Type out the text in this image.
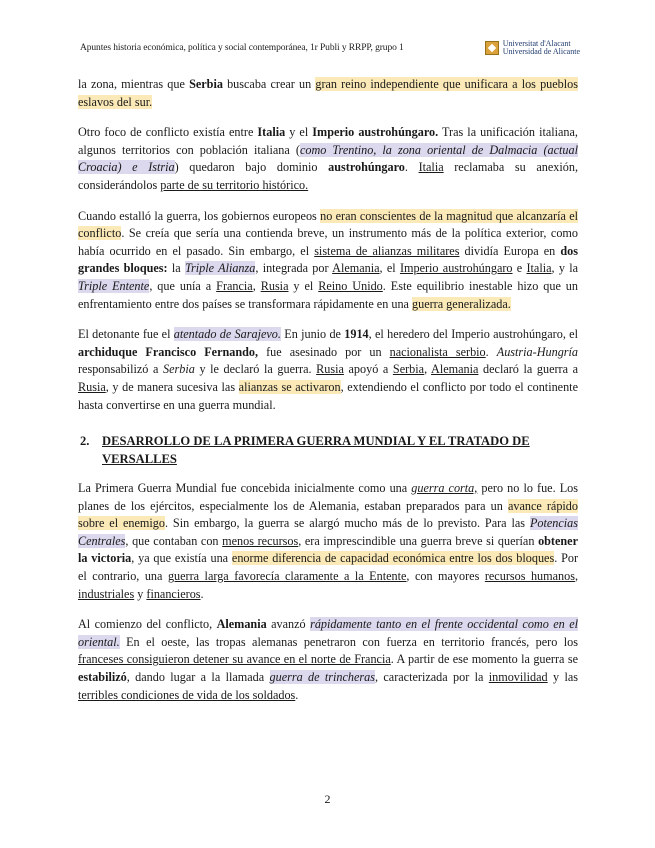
Apuntes historia económica, política y social contemporánea, 1r Publi y RRPP, grupo 1	Universitat d'Alacant
Universidad de Alicante

la zona, mientras que Serbia buscaba crear un gran reino independiente que unificara a los pueblos eslavos del sur.

Otro foco de conflicto existía entre Italia y el Imperio austrohúngaro. Tras la unificación italiana, algunos territorios con población italiana (como Trentino, la zona oriental de Dalmacia (actual Croacia) e Istria) quedaron bajo dominio austrohúngaro. Italia reclamaba su anexión, considerándolos parte de su territorio histórico.

Cuando estalló la guerra, los gobiernos europeos no eran conscientes de la magnitud que alcanzaría el conflicto. Se creía que sería una contienda breve, un instrumento más de la política exterior, como había ocurrido en el pasado. Sin embargo, el sistema de alianzas militares dividía Europa en dos grandes bloques: la Triple Alianza, integrada por Alemania, el Imperio austrohúngaro e Italia, y la Triple Entente, que unía a Francia, Rusia y el Reino Unido. Este equilibrio inestable hizo que un enfrentamiento entre dos países se transformara rápidamente en una guerra generalizada.

El detonante fue el atentado de Sarajevo. En junio de 1914, el heredero del Imperio austrohúngaro, el archiduque Francisco Fernando, fue asesinado por un nacionalista serbio. Austria-Hungría responsabilizó a Serbia y le declaró la guerra. Rusia apoyó a Serbia, Alemania declaró la guerra a Rusia, y de manera sucesiva las alianzas se activaron, extendiendo el conflicto por todo el continente hasta convertirse en una guerra mundial.

2. DESARROLLO DE LA PRIMERA GUERRA MUNDIAL Y EL TRATADO DE VERSALLES

La Primera Guerra Mundial fue concebida inicialmente como una guerra corta, pero no lo fue. Los planes de los ejércitos, especialmente los de Alemania, estaban preparados para un avance rápido sobre el enemigo. Sin embargo, la guerra se alargó mucho más de lo previsto. Para las Potencias Centrales, que contaban con menos recursos, era imprescindible una guerra breve si querían obtener la victoria, ya que existía una enorme diferencia de capacidad económica entre los dos bloques. Por el contrario, una guerra larga favorecía claramente a la Entente, con mayores recursos humanos, industriales y financieros.

Al comienzo del conflicto, Alemania avanzó rápidamente tanto en el frente occidental como en el oriental. En el oeste, las tropas alemanas penetraron con fuerza en territorio francés, pero los franceses consiguieron detener su avance en el norte de Francia. A partir de ese momento la guerra se estabilizó, dando lugar a la llamada guerra de trincheras, caracterizada por la inmovilidad y las terribles condiciones de vida de los soldados.

2
